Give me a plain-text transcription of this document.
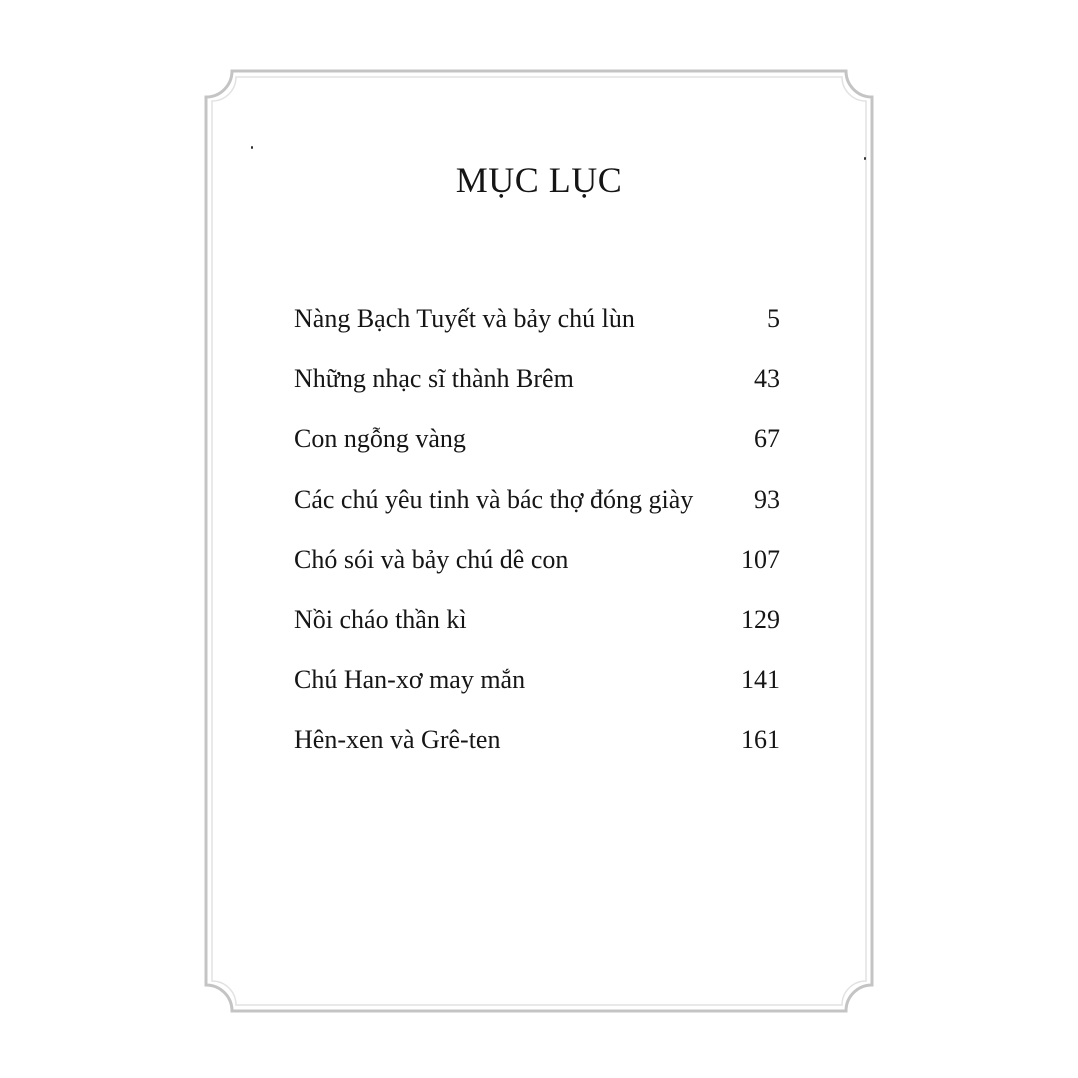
MỤC LỤC
Nàng Bạch Tuyết và bảy chú lùn	5
Những nhạc sĩ thành Brêm	43
Con ngỗng vàng	67
Các chú yêu tinh và bác thợ đóng giày 93
Chó sói và bảy chú dê con	107
Nồi cháo thần kì	129
Chú Han-xơ may mắn	141
Hên-xen và Grê-ten	161
